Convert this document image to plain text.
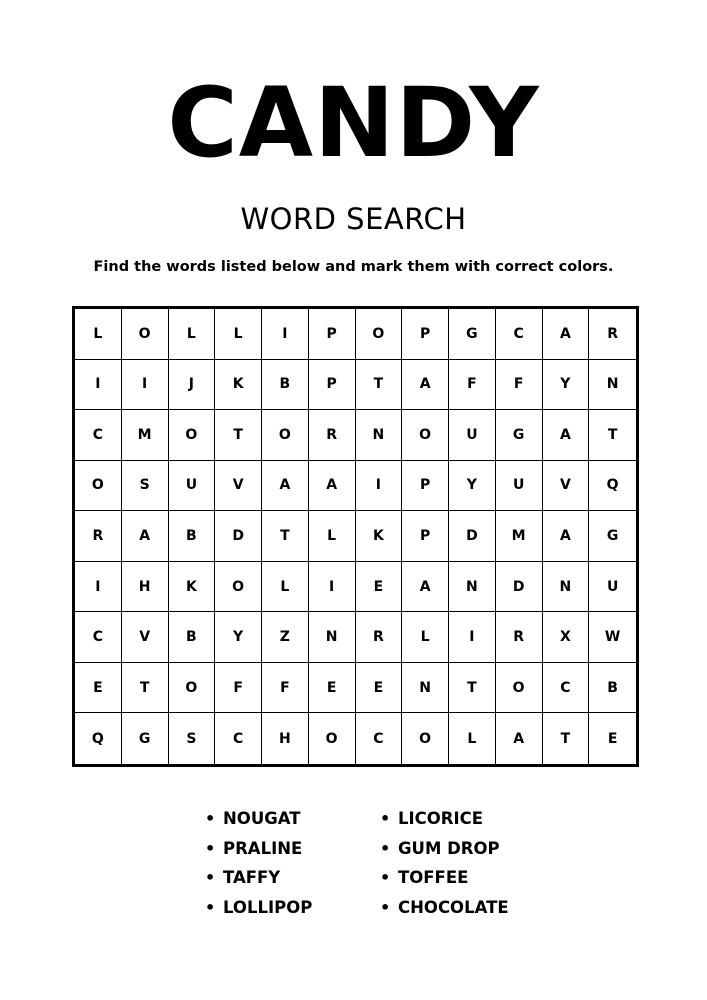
CANDY
WORD SEARCH

Find the words listed below and mark them with correct colors.

L	O	L	L	I	P	O	P	G	C	A	R
I	I	J	K	B	P	T	A	F	F	Y	N
C	M	O	T	O	R	N	O	U	G	A	T
O	S	U	V	A	A	I	P	Y	U	V	Q
R	A	B	D	T	L	K	P	D	M	A	G
I	H	K	O	L	I	E	A	N	D	N	U
C	V	B	Y	Z	N	R	L	I	R	X	W
E	T	O	F	F	E	E	N	T	O	C	B
Q	G	S	C	H	O	C	O	L	A	T	E
• NOUGAT
• PRALINE
• TAFFY
• LOLLIPOP
• LICORICE
• GUM DROP
• TOFFEE
• CHOCOLATE
